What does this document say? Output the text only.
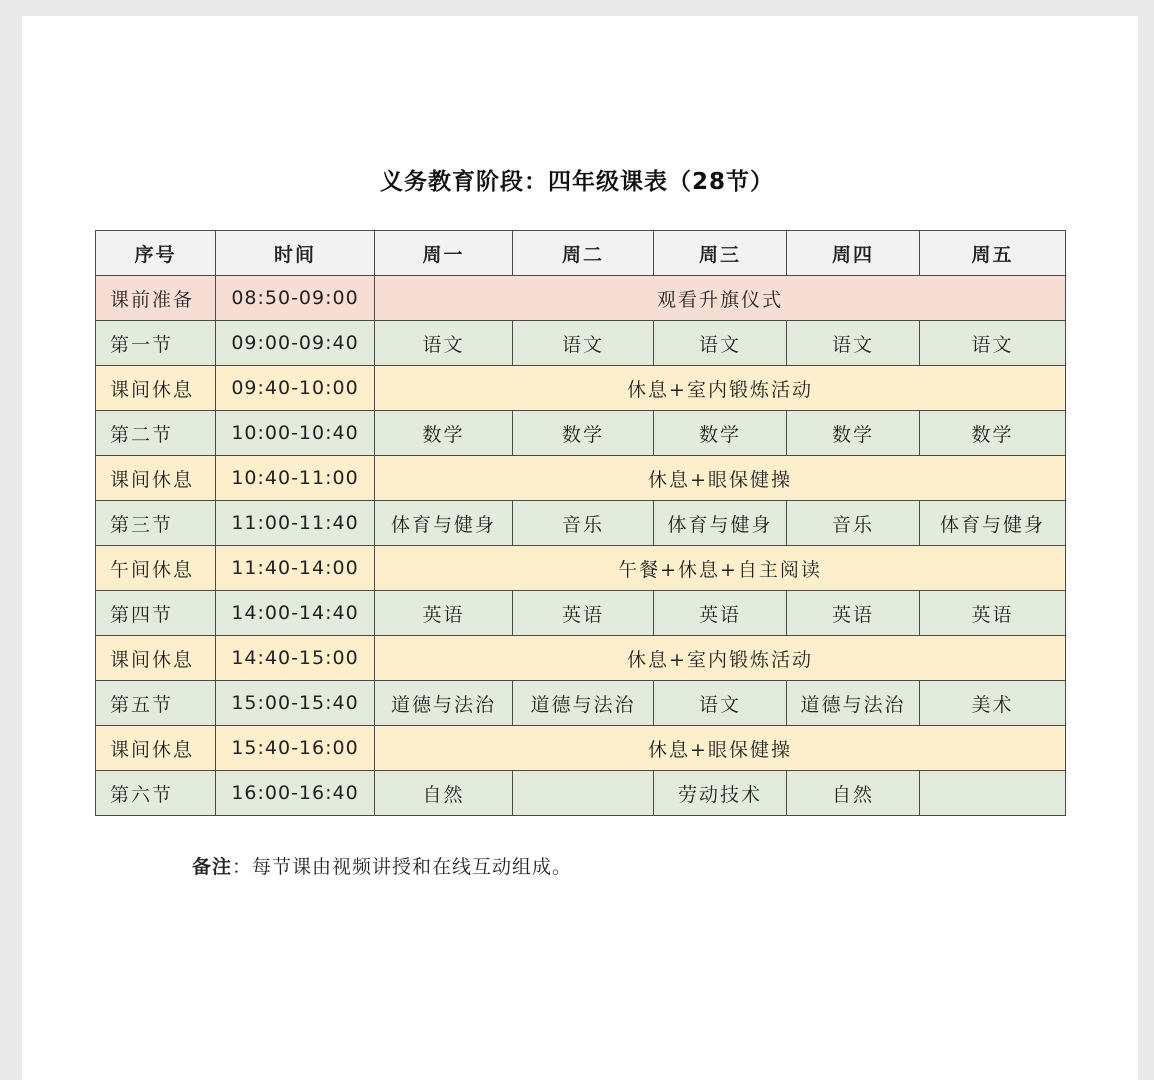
义务教育阶段：四年级课表（28节）
序号	时间	周一	周二	周三	周四	周五
课前准备	08:50-09:00	观看升旗仪式				
第一节	09:00-09:40	语文	语文	语文	语文	语文
课间休息	09:40-10:00	休息+室内锻炼活动				
第二节	10:00-10:40	数学	数学	数学	数学	数学
课间休息	10:40-11:00	休息+眼保健操				
第三节	11:00-11:40	体育与健身	音乐	体育与健身	音乐	体育与健身
午间休息	11:40-14:00	午餐+休息+自主阅读				
第四节	14:00-14:40	英语	英语	英语	英语	英语
课间休息	14:40-15:00	休息+室内锻炼活动				
第五节	15:00-15:40	道德与法治	道德与法治	语文	道德与法治	美术
课间休息	15:40-16:00	休息+眼保健操				
第六节	16:00-16:40	自然		劳动技术	自然	
备注：每节课由视频讲授和在线互动组成。
